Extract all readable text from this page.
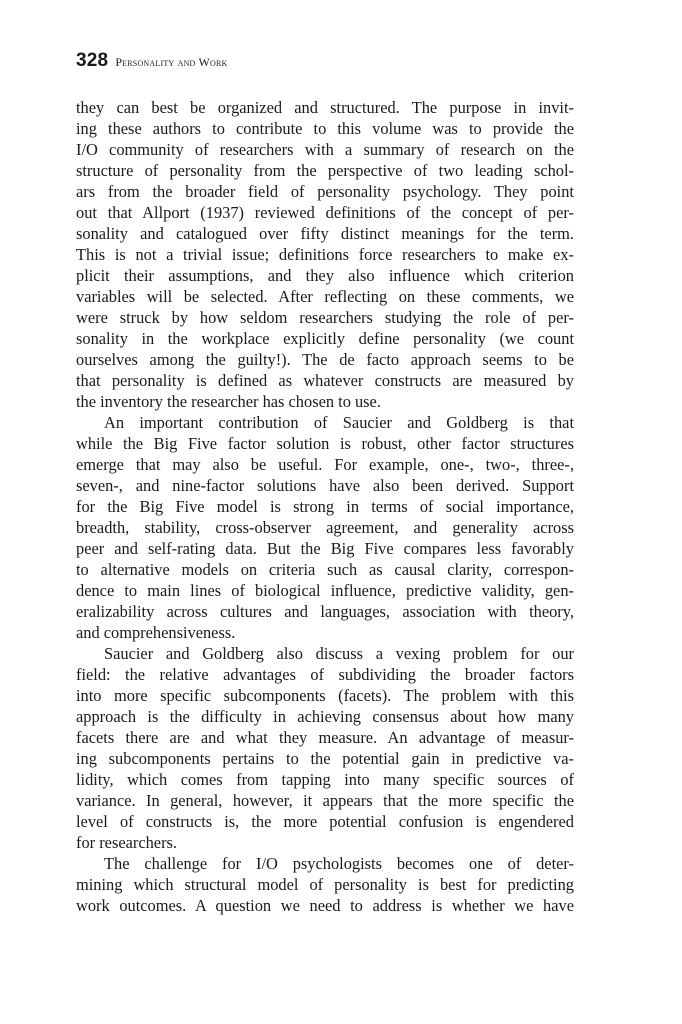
328 Personality and Work
they can best be organized and structured. The purpose in invit-
ing these authors to contribute to this volume was to provide the
I/O community of researchers with a summary of research on the
structure of personality from the perspective of two leading schol-
ars from the broader field of personality psychology. They point
out that Allport (1937) reviewed definitions of the concept of per-
sonality and catalogued over fifty distinct meanings for the term.
This is not a trivial issue; definitions force researchers to make ex-
plicit their assumptions, and they also influence which criterion
variables will be selected. After reflecting on these comments, we
were struck by how seldom researchers studying the role of per-
sonality in the workplace explicitly define personality (we count
ourselves among the guilty!). The de facto approach seems to be
that personality is defined as whatever constructs are measured by
the inventory the researcher has chosen to use.
An important contribution of Saucier and Goldberg is that
while the Big Five factor solution is robust, other factor structures
emerge that may also be useful. For example, one-, two-, three-,
seven-, and nine-factor solutions have also been derived. Support
for the Big Five model is strong in terms of social importance,
breadth, stability, cross-observer agreement, and generality across
peer and self-rating data. But the Big Five compares less favorably
to alternative models on criteria such as causal clarity, correspon-
dence to main lines of biological influence, predictive validity, gen-
eralizability across cultures and languages, association with theory,
and comprehensiveness.
Saucier and Goldberg also discuss a vexing problem for our
field: the relative advantages of subdividing the broader factors
into more specific subcomponents (facets). The problem with this
approach is the difficulty in achieving consensus about how many
facets there are and what they measure. An advantage of measur-
ing subcomponents pertains to the potential gain in predictive va-
lidity, which comes from tapping into many specific sources of
variance. In general, however, it appears that the more specific the
level of constructs is, the more potential confusion is engendered
for researchers.
The challenge for I/O psychologists becomes one of deter-
mining which structural model of personality is best for predicting
work outcomes. A question we need to address is whether we have
